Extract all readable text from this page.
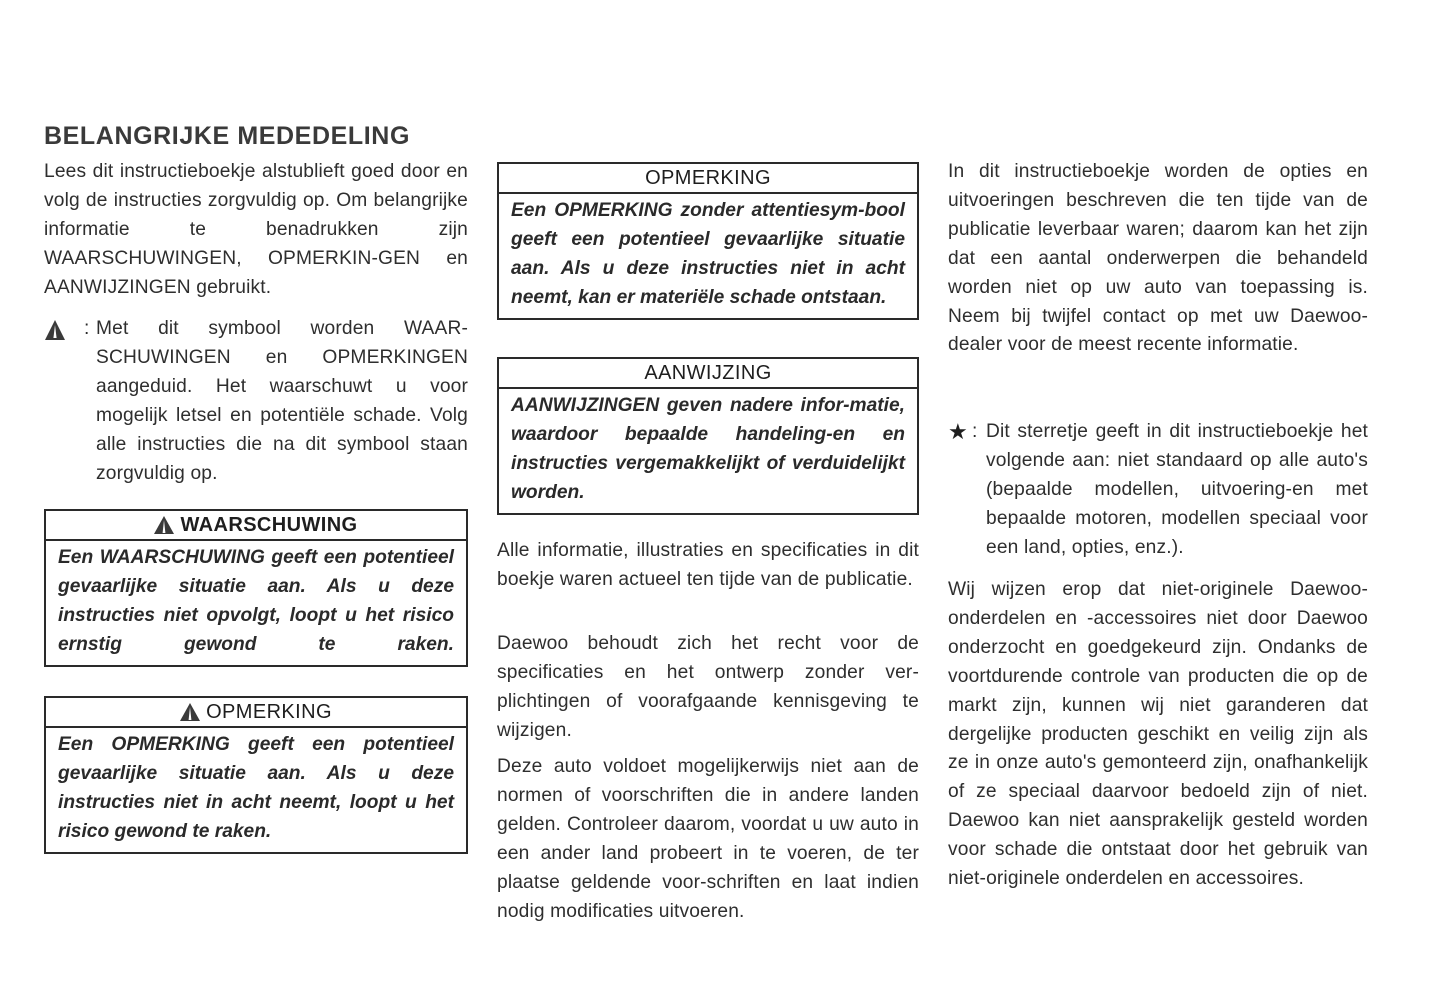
BELANGRIJKE MEDEDELING

Lees dit instructieboekje alstublieft goed door en volg de instructies zorgvuldig op. Om belangrijke informatie te benadrukken zijn WAARSCHUWINGEN, OPMERKIN-GEN en AANWIJZINGEN gebruikt.

: Met dit symbool worden WAAR-SCHUWINGEN en OPMERKINGEN aangeduid. Het waarschuwt u voor mogelijk letsel en potentiële schade. Volg alle instructies die na dit symbool staan zorgvuldig op.

WAARSCHUWING
Een WAARSCHUWING geeft een potentieel gevaarlijke situatie aan. Als u deze instructies niet opvolgt, loopt u het risico ernstig gewond te raken.
OPMERKING
Een OPMERKING geeft een potentieel gevaarlijke situatie aan. Als u deze instructies niet in acht neemt, loopt u het risico gewond te raken.
OPMERKING
Een OPMERKING zonder attentiesym-bool geeft een potentieel gevaarlijke situatie aan. Als u deze instructies niet in acht neemt, kan er materiële schade ontstaan.
AANWIJZING
AANWIJZINGEN geven nadere infor-matie, waardoor bepaalde handeling-en en instructies vergemakkelijkt of verduidelijkt worden.

Alle informatie, illustraties en specificaties in dit boekje waren actueel ten tijde van de publicatie.

Daewoo behoudt zich het recht voor de specificaties en het ontwerp zonder ver-plichtingen of voorafgaande kennisgeving te wijzigen.

Deze auto voldoet mogelijkerwijs niet aan de normen of voorschriften die in andere landen gelden. Controleer daarom, voordat u uw auto in een ander land probeert in te voeren, de ter plaatse geldende voor-schriften en laat indien nodig modificaties uitvoeren.

In dit instructieboekje worden de opties en uitvoeringen beschreven die ten tijde van de publicatie leverbaar waren; daarom kan het zijn dat een aantal onderwerpen die behandeld worden niet op uw auto van toepassing is. Neem bij twijfel contact op met uw Daewoo-dealer voor de meest recente informatie.

★ : Dit sterretje geeft in dit instructieboekje het volgende aan: niet standaard op alle auto's (bepaalde modellen, uitvoering-en met bepaalde motoren, modellen speciaal voor een land, opties, enz.).

Wij wijzen erop dat niet-originele Daewoo-onderdelen en -accessoires niet door Daewoo onderzocht en goedgekeurd zijn. Ondanks de voortdurende controle van producten die op de markt zijn, kunnen wij niet garanderen dat dergelijke producten geschikt en veilig zijn als ze in onze auto's gemonteerd zijn, onafhankelijk of ze speciaal daarvoor bedoeld zijn of niet. Daewoo kan niet aansprakelijk gesteld worden voor schade die ontstaat door het gebruik van niet-originele onderdelen en accessoires.
